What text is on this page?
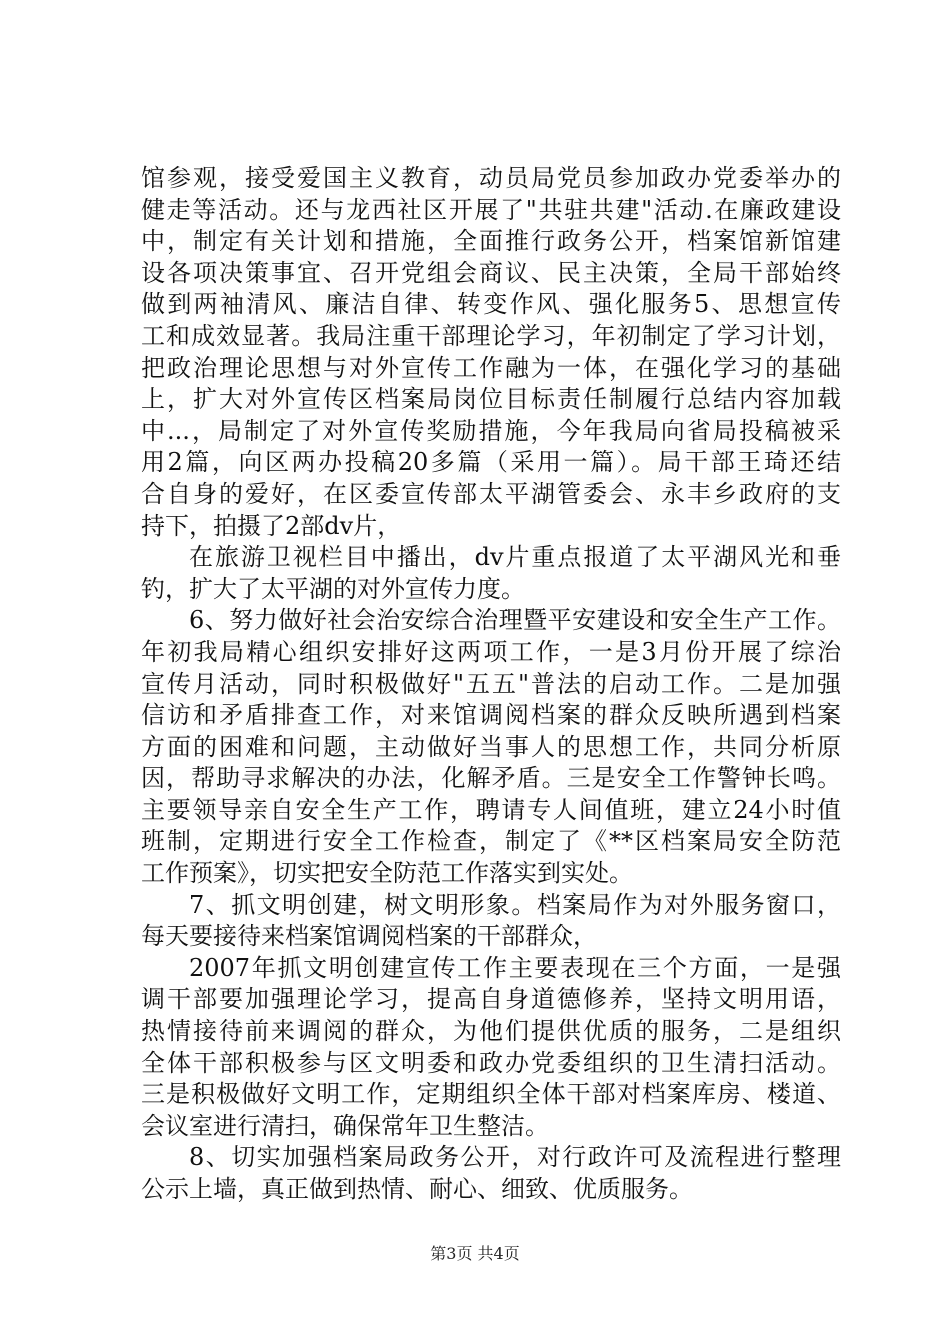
馆参观，接受爱国主义教育，动员局党员参加政办党委举办的
健走等活动。还与龙西社区开展了"共驻共建"活动.在廉政建设
中，制定有关计划和措施，全面推行政务公开，档案馆新馆建
设各项决策事宜、召开党组会商议、民主决策，全局干部始终
做到两袖清风、廉洁自律、转变作风、强化服务5、思想宣传
工和成效显著。我局注重干部理论学习，年初制定了学习计划，
把政治理论思想与对外宣传工作融为一体，在强化学习的基础
上，扩大对外宣传区档案局岗位目标责任制履行总结内容加载
中...，局制定了对外宣传奖励措施，今年我局向省局投稿被采
用2篇，向区两办投稿20多篇（采用一篇）。局干部王琦还结
合自身的爱好，在区委宣传部太平湖管委会、永丰乡政府的支
持下，拍摄了2部dv片，
在旅游卫视栏目中播出，dv片重点报道了太平湖风光和垂
钓，扩大了太平湖的对外宣传力度。
6、努力做好社会治安综合治理暨平安建设和安全生产工作。
年初我局精心组织安排好这两项工作，一是3月份开展了综治
宣传月活动，同时积极做好"五五"普法的启动工作。二是加强
信访和矛盾排查工作，对来馆调阅档案的群众反映所遇到档案
方面的困难和问题，主动做好当事人的思想工作，共同分析原
因，帮助寻求解决的办法，化解矛盾。三是安全工作警钟长鸣。
主要领导亲自安全生产工作，聘请专人间值班，建立24小时值
班制，定期进行安全工作检查，制定了《**区档案局安全防范
工作预案》，切实把安全防范工作落实到实处。
7、抓文明创建，树文明形象。档案局作为对外服务窗口，
每天要接待来档案馆调阅档案的干部群众，
2007年抓文明创建宣传工作主要表现在三个方面，一是强
调干部要加强理论学习，提高自身道德修养，坚持文明用语，
热情接待前来调阅的群众，为他们提供优质的服务，二是组织
全体干部积极参与区文明委和政办党委组织的卫生清扫活动。
三是积极做好文明工作，定期组织全体干部对档案库房、楼道、
会议室进行清扫，确保常年卫生整洁。
8、切实加强档案局政务公开，对行政许可及流程进行整理
公示上墙，真正做到热情、耐心、细致、优质服务。
第3页 共4页
